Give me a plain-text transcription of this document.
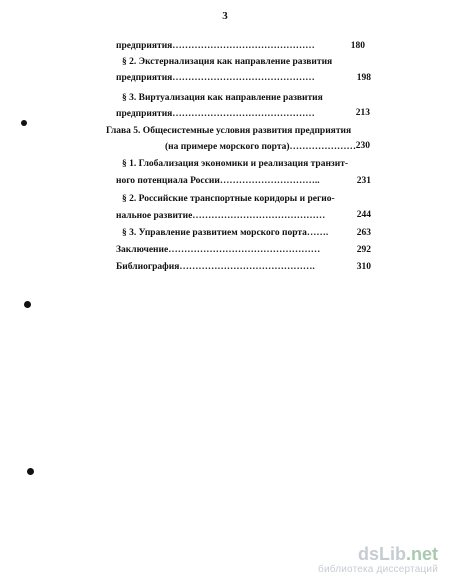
3
предприятия………………………………………	180
§ 2. Экстернализация как направление развития
предприятия………………………………………	198
§ 3. Виртуализация как направление развития
предприятия………………………………………	213
Глава 5. Общесистемные условия развития предприятия
(на примере морского порта)………………… 230
§ 1. Глобализация экономики и реализация транзит-
ного потенциала России…………………………..	231
§ 2. Российские транспортные коридоры и регио-
нальное развитие……………………………………	244
§ 3. Управление развитием морского порта…….	263
Заключение…………………………………………	292
Библиография…………………………………….	310
dsLib.net
библиотека диссертаций
